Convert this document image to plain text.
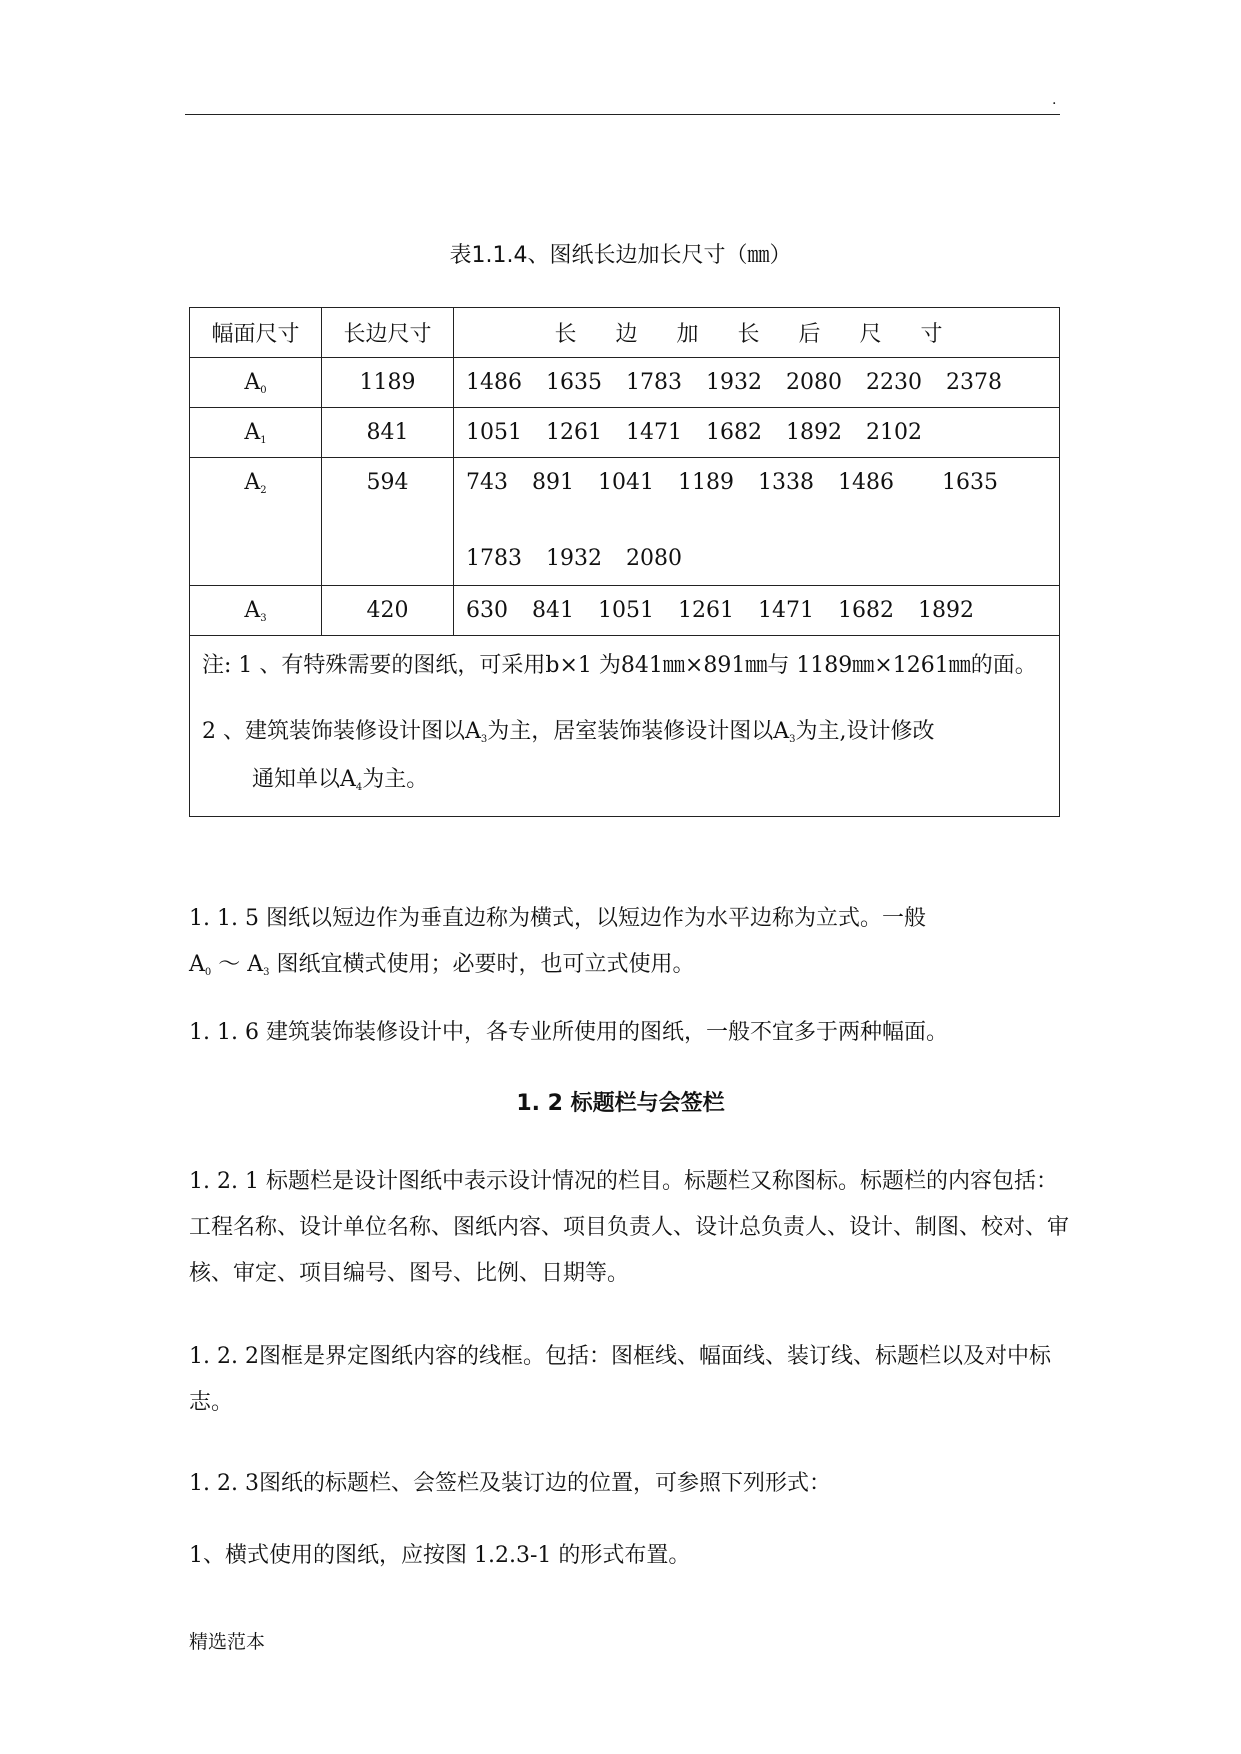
.
表1.1.4、图纸长边加长尺寸（㎜）
幅面尺寸	长边尺寸	长 边 加 长 后 尺 寸
A0	1189	1486 1635 1783 1932 2080 2230 2378
A1	841	1051 1261 1471 1682 1892 2102
A2	594	743 891 1041 1189 1338 1486 1635
1783 1932 2080

A3	420	630 841 1051 1261 1471 1682 1892

注: 1 、有特殊需要的图纸，可采用b×1 为841㎜×891㎜与 1189㎜×1261㎜的面。
2 、建筑装饰装修设计图以A3为主，居室装饰装修设计图以A3为主,设计修改
通知单以A4为主。		
1. 1. 5 图纸以短边作为垂直边称为横式，以短边作为水平边称为立式。一般
A0 ～ A3 图纸宜横式使用；必要时，也可立式使用。
1. 1. 6 建筑装饰装修设计中，各专业所使用的图纸，一般不宜多于两种幅面。
1. 2 标题栏与会签栏
1. 2. 1 标题栏是设计图纸中表示设计情况的栏目。标题栏又称图标。标题栏的内容包括：工程名称、设计单位名称、图纸内容、项目负责人、设计总负责人、设计、制图、校对、审核、审定、项目编号、图号、比例、日期等。
1. 2. 2图框是界定图纸内容的线框。包括：图框线、幅面线、装订线、标题栏以及对中标志。
1. 2. 3图纸的标题栏、会签栏及装订边的位置，可参照下列形式：
1、横式使用的图纸，应按图 1.2.3-1 的形式布置。
精选范本
